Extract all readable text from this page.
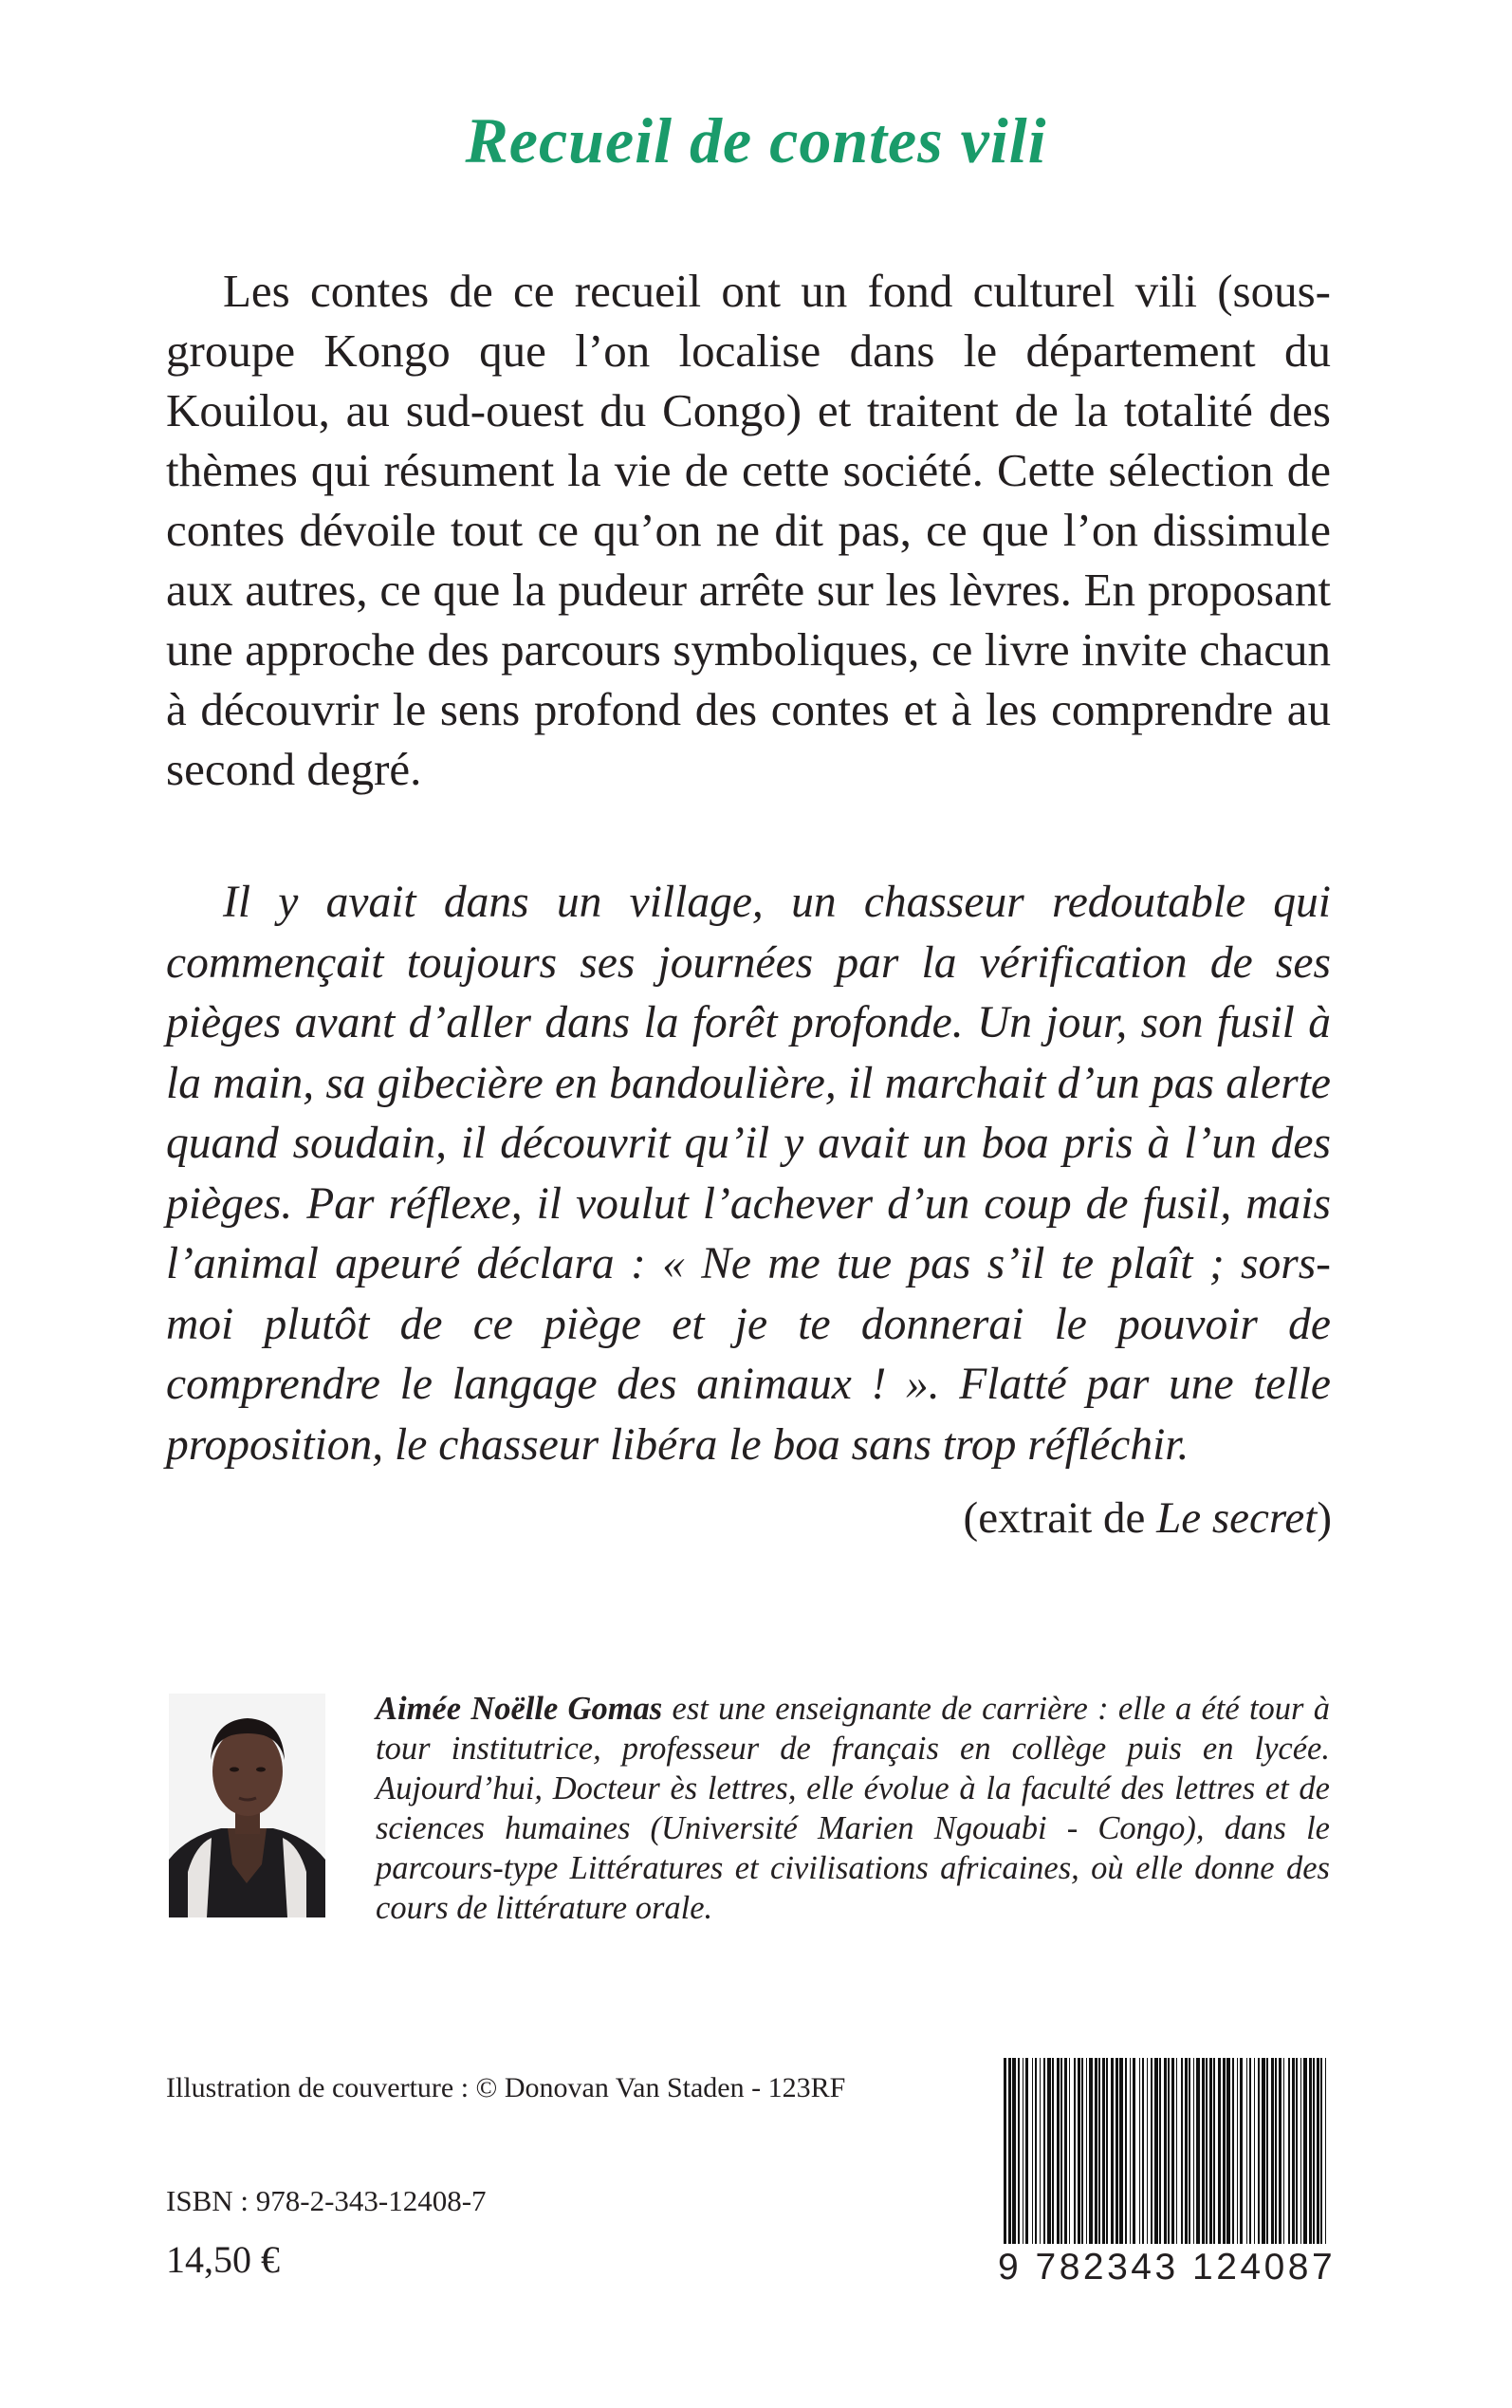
Recueil de contes vili

Les contes de ce recueil ont un fond culturel vili (sous-groupe Kongo que l’on localise dans le département du Kouilou, au sud-ouest du Congo) et traitent de la totalité des thèmes qui résument la vie de cette société. Cette sélection de contes dévoile tout ce qu’on ne dit pas, ce que l’on dissimule aux autres, ce que la pudeur arrête sur les lèvres. En proposant une approche des parcours symboliques, ce livre invite chacun à découvrir le sens profond des contes et à les comprendre au second degré.

Il y avait dans un village, un chasseur redoutable qui commençait toujours ses journées par la vérification de ses pièges avant d’aller dans la forêt profonde. Un jour, son fusil à la main, sa gibecière en bandoulière, il marchait d’un pas alerte quand soudain, il découvrit qu’il y avait un boa pris à l’un des pièges. Par réflexe, il voulut l’achever d’un coup de fusil, mais l’animal apeuré déclara : « Ne me tue pas s’il te plaît ; sors-moi plutôt de ce piège et je te donnerai le pouvoir de comprendre le langage des animaux ! ». Flatté par une telle proposition, le chasseur libéra le boa sans trop réfléchir.

(extrait de Le secret)

Aimée Noëlle Gomas est une enseignante de carrière : elle a été tour à tour institutrice, professeur de français en collège puis en lycée. Aujourd’hui, Docteur ès lettres, elle évolue à la faculté des lettres et de sciences humaines (Université Marien Ngouabi - Congo), dans le parcours-type Littératures et civilisations africaines, où elle donne des cours de littérature orale.

Illustration de couverture : © Donovan Van Staden - 123RF
ISBN : 978-2-343-12408-7
14,50 €	9 782343 124087
